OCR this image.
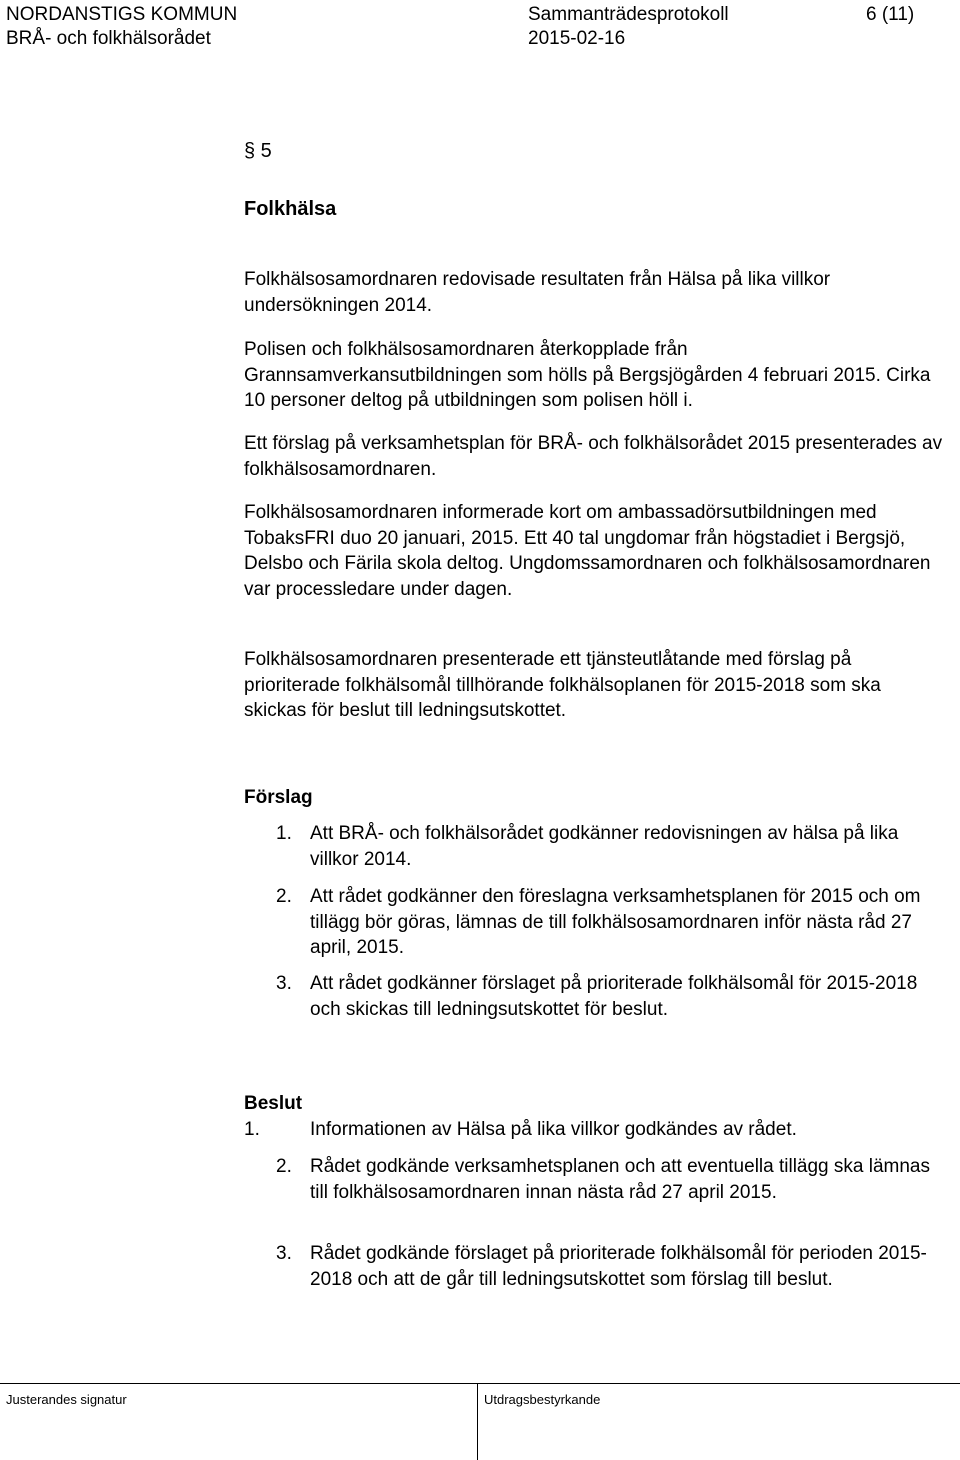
NORDANSTIGS KOMMUN
BRÅ- och folkhälsorådet
Sammanträdesprotokoll
2015-02-16
6 (11)
§ 5
Folkhälsa
Folkhälsosamordnaren redovisade resultaten från Hälsa på lika villkor undersökningen 2014.
Polisen och folkhälsosamordnaren återkopplade från Grannsamverkansutbildningen som hölls på Bergsjögården 4 februari 2015. Cirka 10 personer deltog på utbildningen som polisen höll i.
Ett förslag på verksamhetsplan för BRÅ- och folkhälsorådet 2015 presenterades av folkhälsosamordnaren.
Folkhälsosamordnaren informerade kort om ambassadörsutbildningen med TobaksFRI duo 20 januari, 2015. Ett 40 tal ungdomar från högstadiet i Bergsjö, Delsbo och Färila skola deltog. Ungdomssamordnaren och folkhälsosamordnaren var processledare under dagen.
Folkhälsosamordnaren presenterade ett tjänsteutlåtande med förslag på prioriterade folkhälsomål tillhörande folkhälsoplanen för 2015-2018 som ska skickas för beslut till ledningsutskottet.
Förslag
1. Att BRÅ- och folkhälsorådet godkänner redovisningen av hälsa på lika villkor 2014.
2. Att rådet godkänner den föreslagna verksamhetsplanen för 2015 och om tillägg bör göras, lämnas de till folkhälsosamordnaren inför nästa råd 27 april, 2015.
3. Att rådet godkänner förslaget på prioriterade folkhälsomål för 2015-2018 och skickas till ledningsutskottet för beslut.
Beslut
1.	Informationen av Hälsa på lika villkor godkändes av rådet.
2. Rådet godkände verksamhetsplanen och att eventuella tillägg ska lämnas till folkhälsosamordnaren innan nästa råd 27 april 2015.
3. Rådet godkände förslaget på prioriterade folkhälsomål för perioden 2015-2018 och att de går till ledningsutskottet som förslag till beslut.
Justerandes signatur	Utdragsbestyrkande
